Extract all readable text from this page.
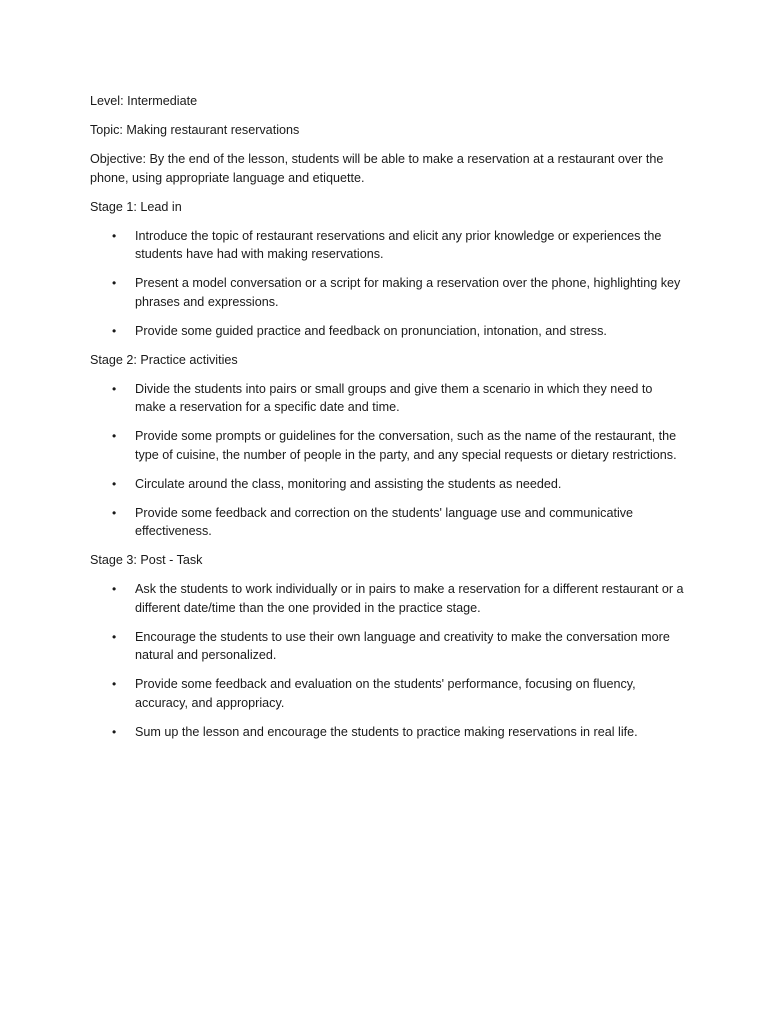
Level: Intermediate

Topic: Making restaurant reservations

Objective: By the end of the lesson, students will be able to make a reservation at a restaurant over the phone, using appropriate language and etiquette.

Stage 1: Lead in

• Introduce the topic of restaurant reservations and elicit any prior knowledge or experiences the students have had with making reservations.
• Present a model conversation or a script for making a reservation over the phone, highlighting key phrases and expressions.
• Provide some guided practice and feedback on pronunciation, intonation, and stress.

Stage 2: Practice activities

• Divide the students into pairs or small groups and give them a scenario in which they need to make a reservation for a specific date and time.
• Provide some prompts or guidelines for the conversation, such as the name of the restaurant, the type of cuisine, the number of people in the party, and any special requests or dietary restrictions.
• Circulate around the class, monitoring and assisting the students as needed.
• Provide some feedback and correction on the students' language use and communicative effectiveness.

Stage 3: Post - Task

• Ask the students to work individually or in pairs to make a reservation for a different restaurant or a different date/time than the one provided in the practice stage.
• Encourage the students to use their own language and creativity to make the conversation more natural and personalized.
• Provide some feedback and evaluation on the students' performance, focusing on fluency, accuracy, and appropriacy.
• Sum up the lesson and encourage the students to practice making reservations in real life.
